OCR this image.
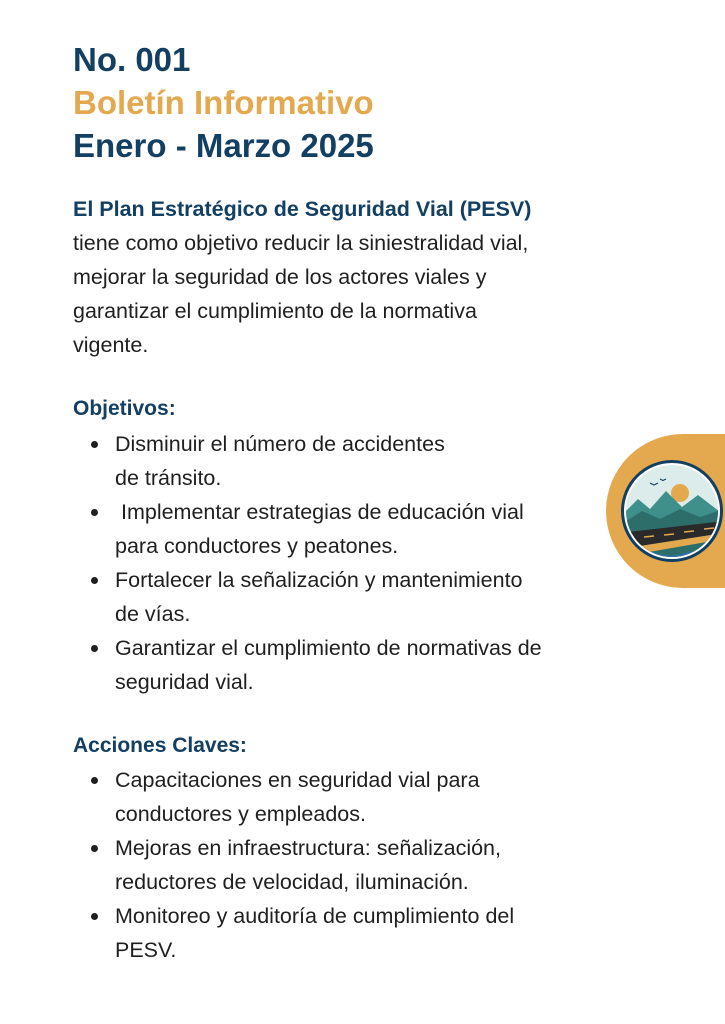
No. 001
Boletín Informativo
Enero - Marzo 2025
El Plan Estratégico de Seguridad Vial (PESV)
tiene como objetivo reducir la siniestralidad vial,
mejorar la seguridad de los actores viales y
garantizar el cumplimiento de la normativa
vigente.
Objetivos:
Disminuir el número de accidentes
de tránsito.
Implementar estrategias de educación vial
para conductores y peatones.
Fortalecer la señalización y mantenimiento
de vías.
Garantizar el cumplimiento de normativas de
seguridad vial.
Acciones Claves:
Capacitaciones en seguridad vial para
conductores y empleados.
Mejoras en infraestructura: señalización,
reductores de velocidad, iluminación.
Monitoreo y auditoría de cumplimiento del
PESV.
